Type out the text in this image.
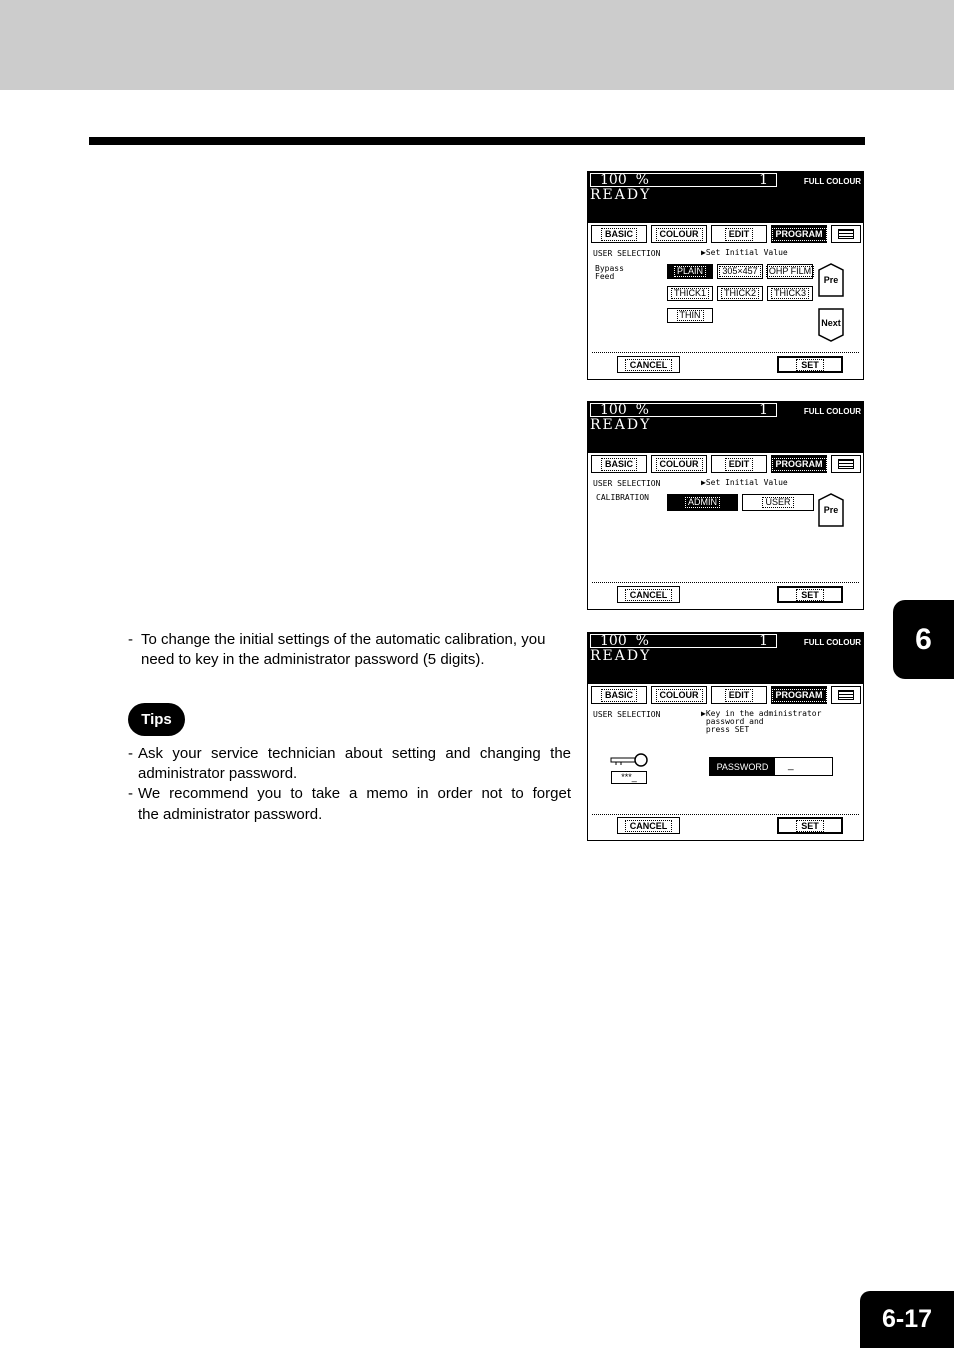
100  %	1
READY
FULL COLOUR
BASIC	COLOUR	EDIT	PROGRAM
USER SELECTION	▶Set Initial Value
Bypass
Feed
PLAIN	305×457	OHP FILM
THICK1	THICK2	THICK3
THIN
Pre
Next
CANCEL	SET
100  %	1
READY
FULL COLOUR
BASIC	COLOUR	EDIT	PROGRAM
USER SELECTION	▶Set Initial Value
CALIBRATION	ADMIN	USER
Pre
CANCEL	SET
100  %	1
READY
FULL COLOUR
BASIC	COLOUR	EDIT	PROGRAM
USER SELECTION	▶Key in the administrator
password and
press SET
***_
PASSWORD	_
CANCEL	SET
- To change the initial settings of the automatic calibration, you
need to key in the administrator password (5 digits).
Tips
- Ask your service technician about setting and changing the
administrator password.
- We recommend you to take a memo in order not to forget
the administrator password.
6
6-17
